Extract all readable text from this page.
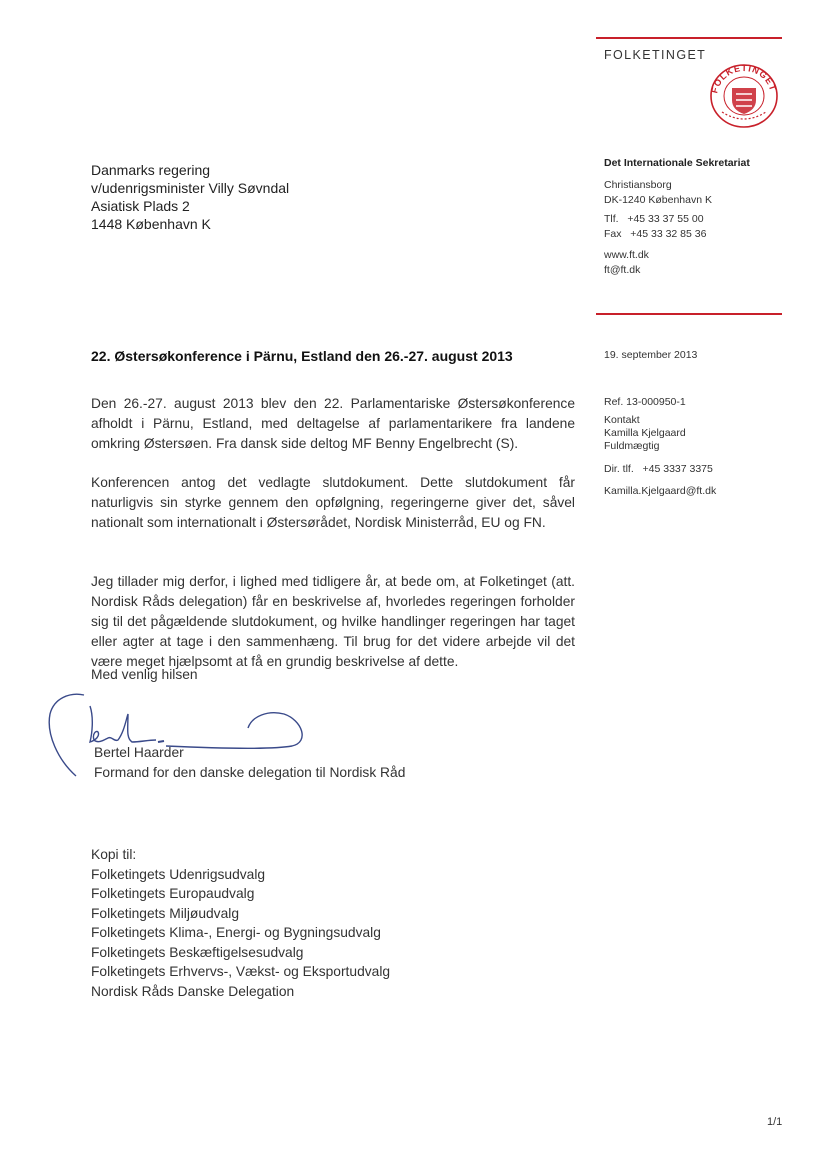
FOLKETINGET
FOLKETINGET
Det Internationale Sekretariat
Christiansborg
DK-1240 København K
Tlf.   +45 33 37 55 00
Fax   +45 33 32 85 36
www.ft.dk
ft@ft.dk
19. september 2013
Ref. 13-000950-1
Kontakt
Kamilla Kjelgaard
Fuldmægtig
Dir. tlf.   +45 3337 3375
Kamilla.Kjelgaard@ft.dk
Danmarks regering
v/udenrigsminister Villy Søvndal
Asiatisk Plads 2
1448 København K
22. Østersøkonference i Pärnu, Estland den 26.-27. august 2013
Den 26.-27. august 2013 blev den 22. Parlamentariske Østersøkonference afholdt i Pärnu, Estland, med deltagelse af parlamentarikere fra landene omkring Østersøen. Fra dansk side deltog MF Benny Engelbrecht (S).
Konferencen antog det vedlagte slutdokument. Dette slutdokument får naturligvis sin styrke gennem den opfølgning, regeringerne giver det, såvel nationalt som internationalt i Østersørådet, Nordisk Ministerråd, EU og FN.
Jeg tillader mig derfor, i lighed med tidligere år, at bede om, at Folketinget (att. Nordisk Råds delegation) får en beskrivelse af, hvorledes regeringen forholder sig til det pågældende slutdokument, og hvilke handlinger regeringen har taget eller agter at tage i den sammenhæng. Til brug for det videre arbejde vil det være meget hjælpsomt at få en grundig beskrivelse af dette.
Med venlig hilsen
Bertel Haarder
Formand for den danske delegation til Nordisk Råd
Kopi til:
Folketingets Udenrigsudvalg
Folketingets Europaudvalg
Folketingets Miljøudvalg
Folketingets Klima-, Energi- og Bygningsudvalg
Folketingets Beskæftigelsesudvalg
Folketingets Erhvervs-, Vækst- og Eksportudvalg
Nordisk Råds Danske Delegation
1/1
